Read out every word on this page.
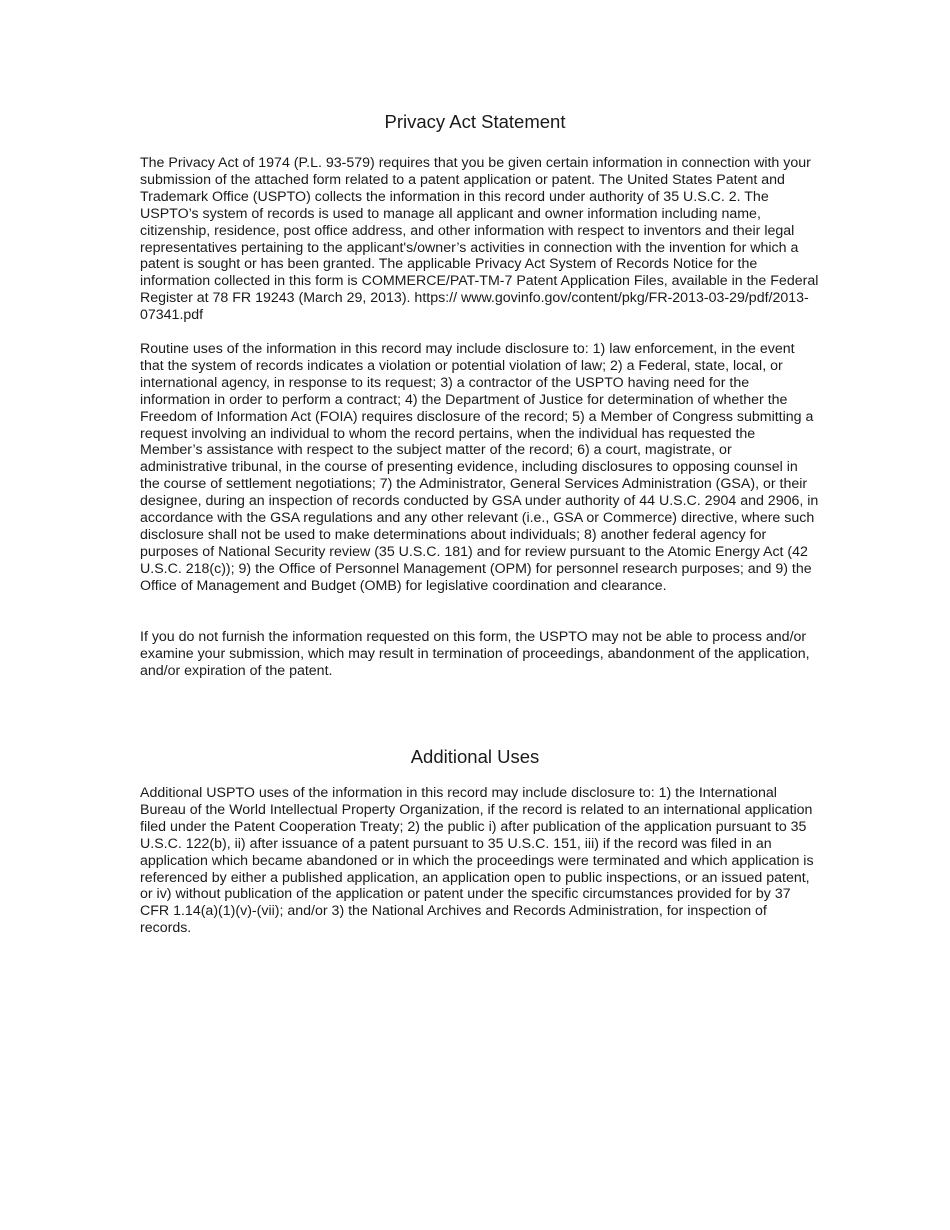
Privacy Act Statement

The Privacy Act of 1974 (P.L. 93-579) requires that you be given certain information in connection with your submission of the attached form related to a patent application or patent. The United States Patent and Trademark Office (USPTO) collects the information in this record under authority of 35 U.S.C. 2. The USPTO’s system of records is used to manage all applicant and owner information including name, citizenship, residence, post office address, and other information with respect to inventors and their legal representatives pertaining to the applicant's/owner’s activities in connection with the invention for which a patent is sought or has been granted. The applicable Privacy Act System of Records Notice for the information collected in this form is COMMERCE/PAT-TM-7 Patent Application Files, available in the Federal Register at 78 FR 19243 (March 29, 2013). https:// www.govinfo.gov/content/pkg/FR-2013-03-29/pdf/2013-07341.pdf

Routine uses of the information in this record may include disclosure to: 1) law enforcement, in the event that the system of records indicates a violation or potential violation of law; 2) a Federal, state, local, or international agency, in response to its request; 3) a contractor of the USPTO having need for the information in order to perform a contract; 4) the Department of Justice for determination of whether the Freedom of Information Act (FOIA) requires disclosure of the record; 5) a Member of Congress submitting a request involving an individual to whom the record pertains, when the individual has requested the Member’s assistance with respect to the subject matter of the record; 6) a court, magistrate, or administrative tribunal, in the course of presenting evidence, including disclosures to opposing counsel in the course of settlement negotiations; 7) the Administrator, General Services Administration (GSA), or their designee, during an inspection of records conducted by GSA under authority of 44 U.S.C. 2904 and 2906, in accordance with the GSA regulations and any other relevant (i.e., GSA or Commerce) directive, where such disclosure shall not be used to make determinations about individuals; 8) another federal agency for purposes of National Security review (35 U.S.C. 181) and for review pursuant to the Atomic Energy Act (42 U.S.C. 218(c)); 9) the Office of Personnel Management (OPM) for personnel research purposes; and 9) the Office of Management and Budget (OMB) for legislative coordination and clearance.

If you do not furnish the information requested on this form, the USPTO may not be able to process and/or examine your submission, which may result in termination of proceedings, abandonment of the application, and/or expiration of the patent.

Additional Uses

Additional USPTO uses of the information in this record may include disclosure to: 1) the International Bureau of the World Intellectual Property Organization, if the record is related to an international application filed under the Patent Cooperation Treaty; 2) the public i) after publication of the application pursuant to 35 U.S.C. 122(b), ii) after issuance of a patent pursuant to 35 U.S.C. 151, iii) if the record was filed in an application which became abandoned or in which the proceedings were terminated and which application is referenced by either a published application, an application open to public inspections, or an issued patent, or iv) without publication of the application or patent under the specific circumstances provided for by 37 CFR 1.14(a)(1)(v)-(vii); and/or 3) the National Archives and Records Administration, for inspection of records.
